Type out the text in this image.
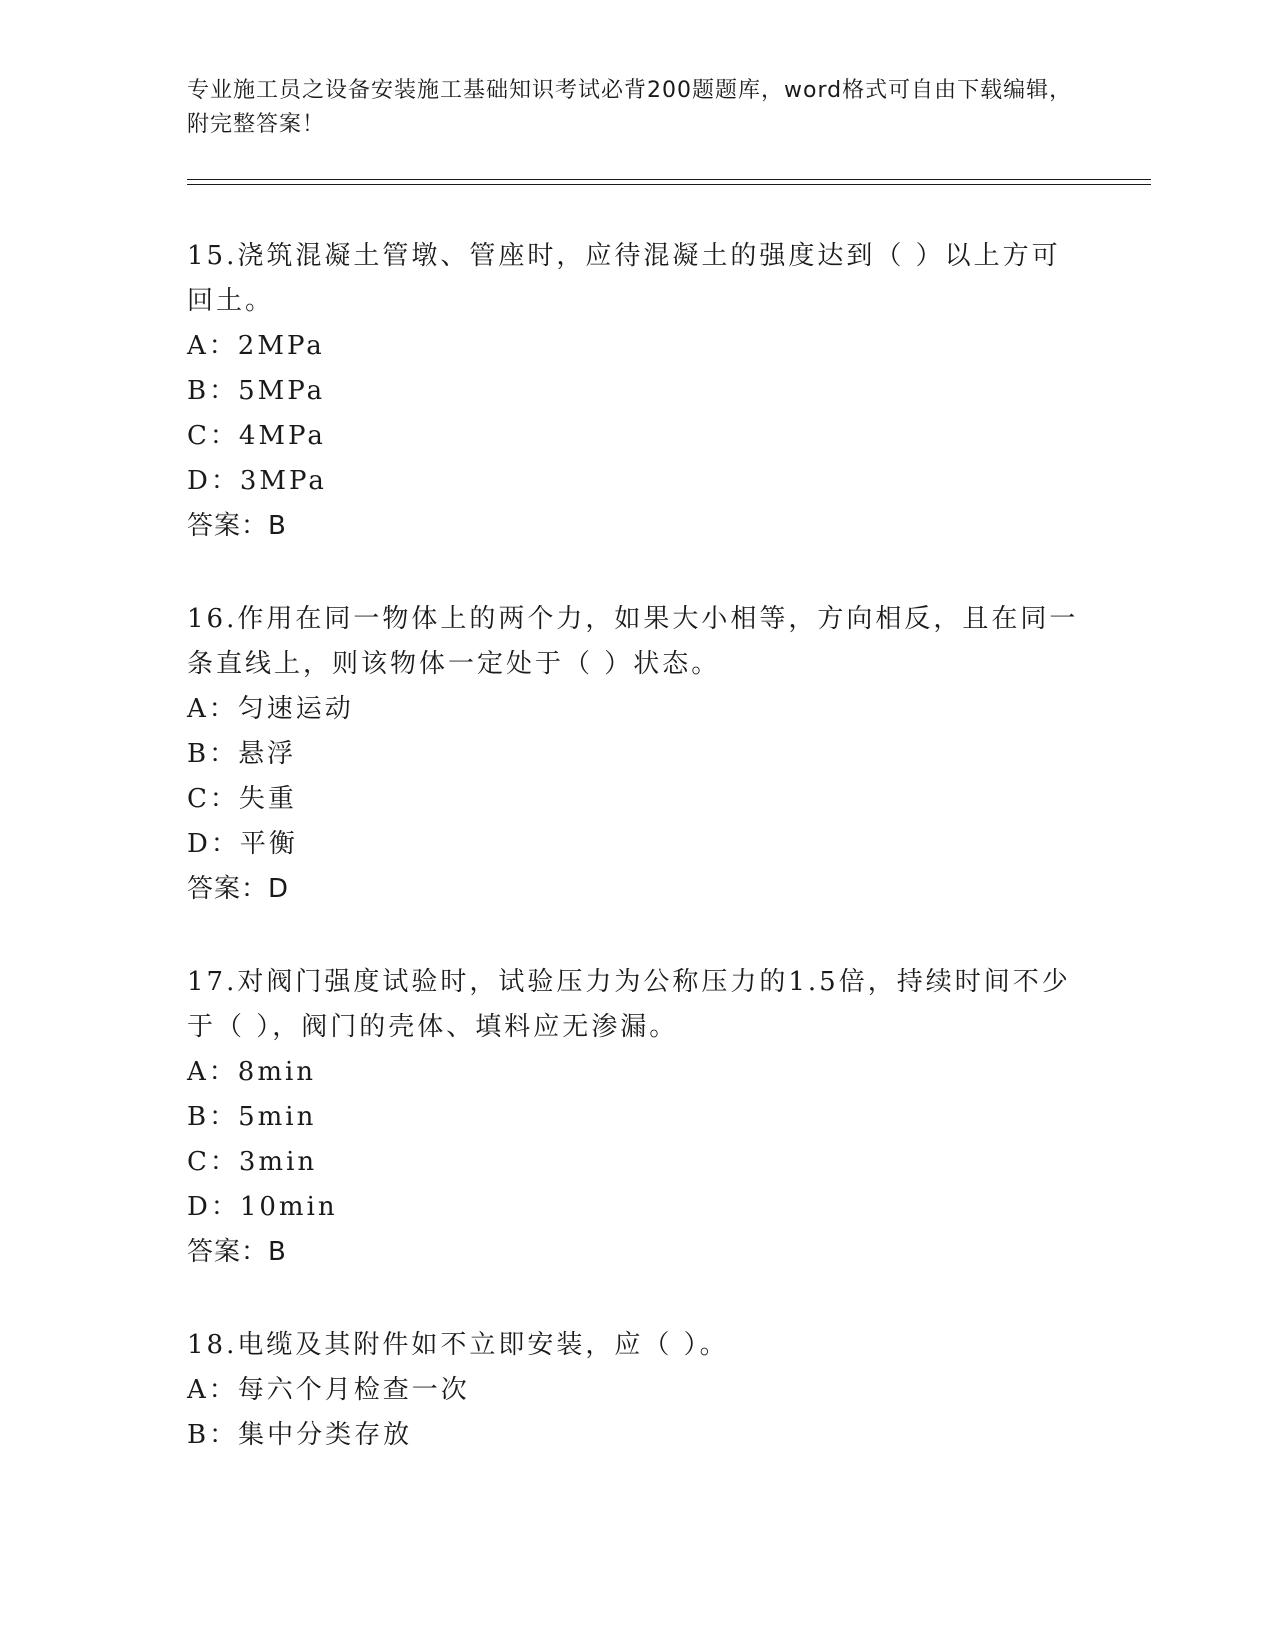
专业施工员之设备安装施工基础知识考试必背200题题库，word格式可自由下载编辑，附完整答案！

15.浇筑混凝土管墩、管座时，应待混凝土的强度达到（ ）以上方可回土。

A：2MPa

B：5MPa

C：4MPa

D：3MPa

答案：B

16.作用在同一物体上的两个力，如果大小相等，方向相反，且在同一条直线上，则该物体一定处于（ ）状态。

A：匀速运动

B：悬浮

C：失重

D：平衡

答案：D

17.对阀门强度试验时，试验压力为公称压力的1.5倍，持续时间不少于（ ），阀门的壳体、填料应无渗漏。

A：8min

B：5min

C：3min

D：10min

答案：B

18.电缆及其附件如不立即安装，应（ ）。

A：每六个月检查一次

B：集中分类存放
